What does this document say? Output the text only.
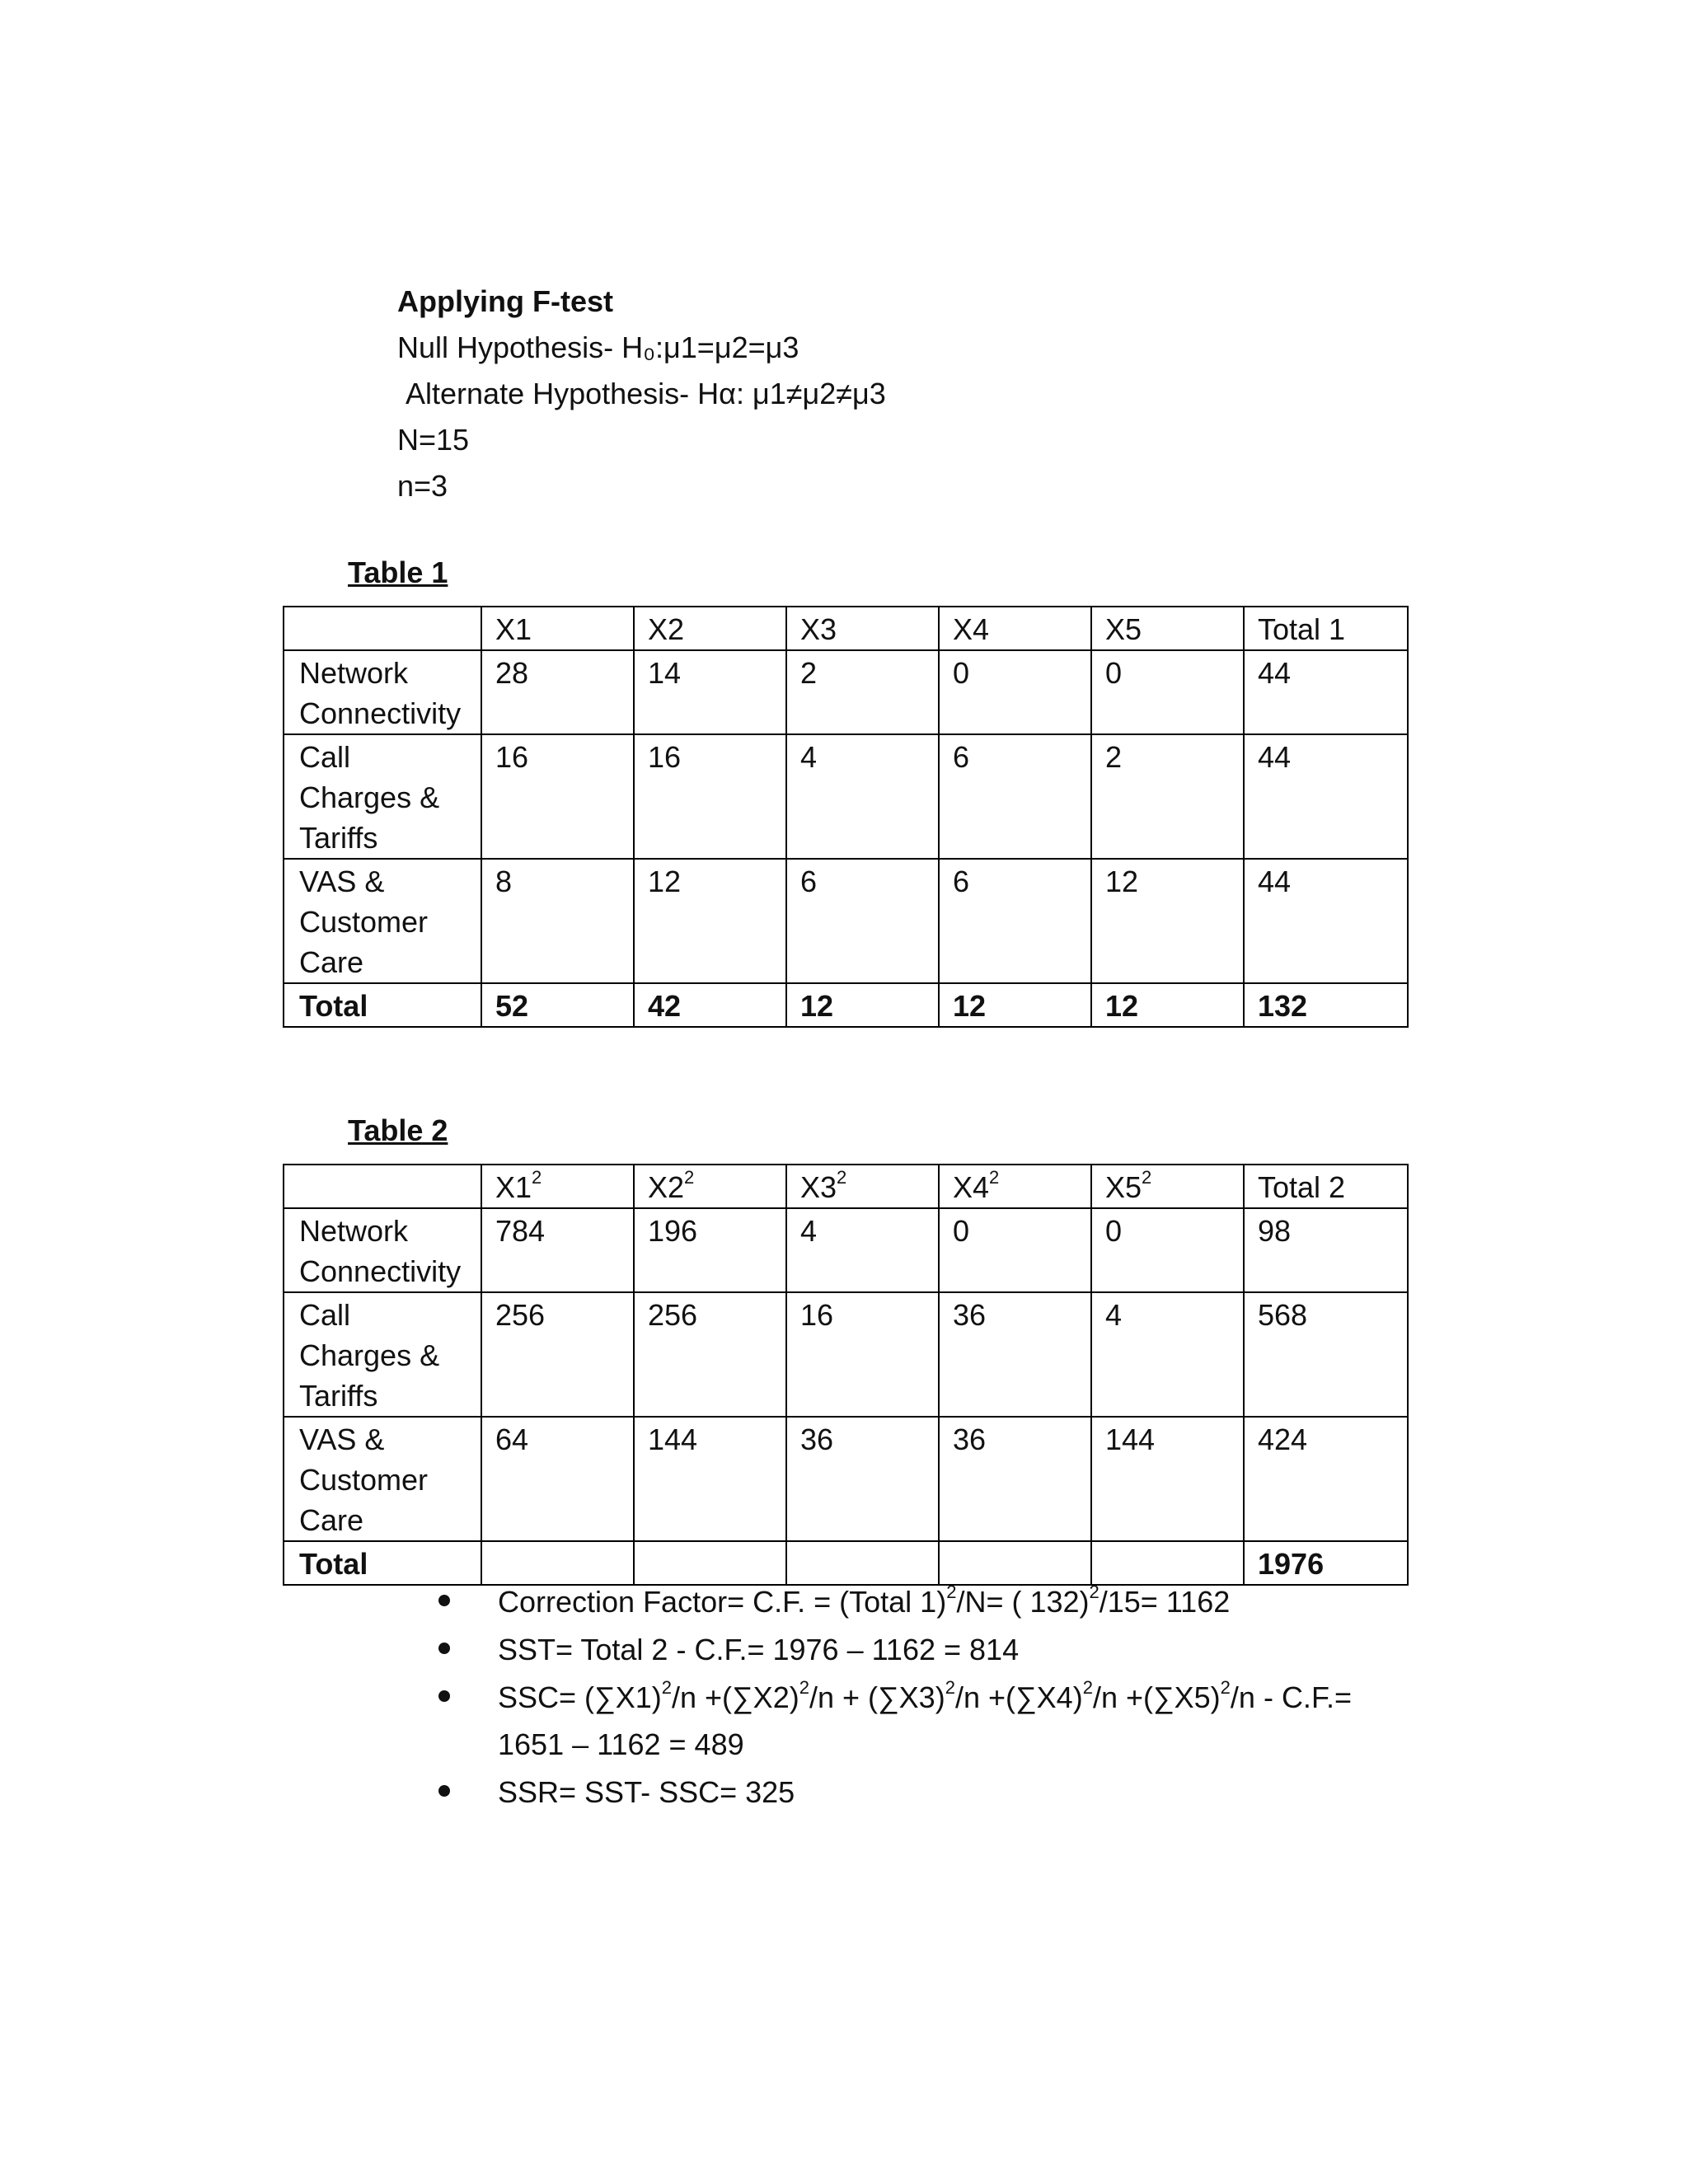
Applying F-test
Null Hypothesis- H₀:μ1=μ2=μ3
Alternate Hypothesis- Hα: μ1≠μ2≠μ3
N=15
n=3
Table 1
	X1	X2	X3	X4	X5	Total 1
Network Connectivity	28	14	2	0	0	44
Call Charges & Tariffs	16	16	4	6	2	44
VAS & Customer Care	8	12	6	6	12	44
Total	52	42	12	12	12	132
Table 2
	$X1^2$	$X2^2$	$X3^2$	$X4^2$	$X5^2$	Total 2
Network Connectivity	784	196	4	0	0	98
Call Charges & Tariffs	256	256	16	36	4	568
VAS & Customer Care	64	144	36	36	144	424
Total						1976
Correction Factor= C.F. = (Total 1)$^2$/N= ( 132)$^2$/15= 1162
SST= Total 2 - C.F.= 1976 – 1162 = 814
$SSC= (\sum X1)^2/n +(\sum X2)^2/n + (\sum X3)^2/n +(\sum X4)^2/n +(\sum X5)^2/n - C.F.=$
1651 – 1162 = 489
SSR= SST- SSC= 325
